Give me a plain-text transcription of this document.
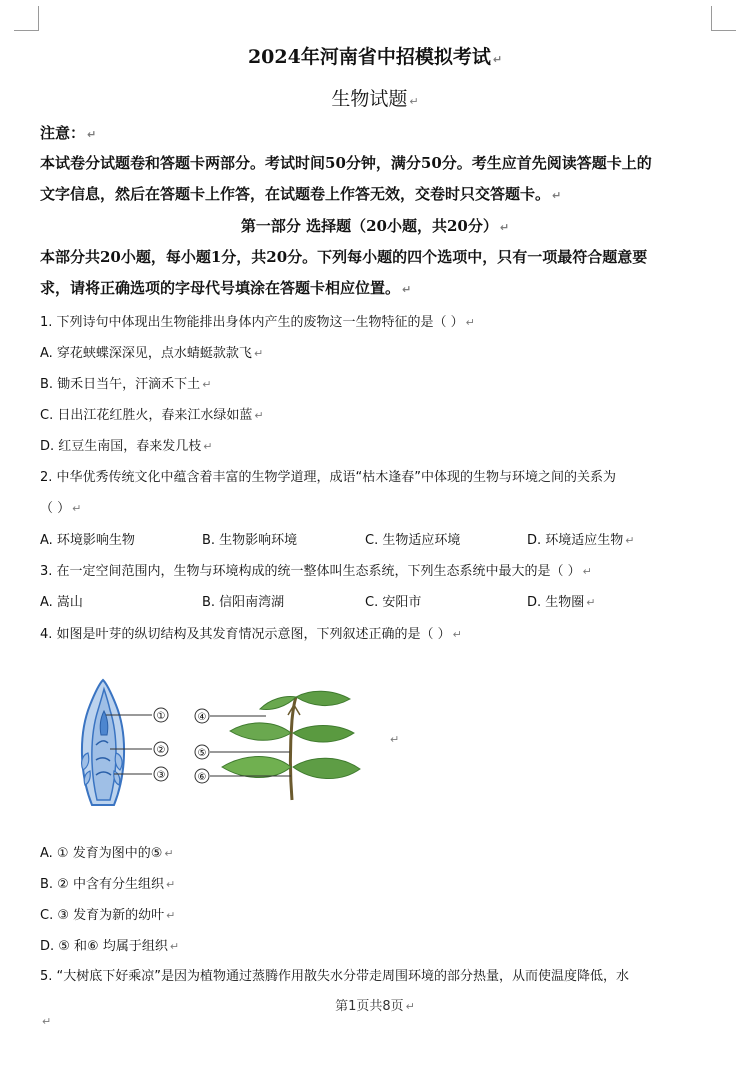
2024年河南省中招模拟考试 ↵
生物试题 ↵
注意： ↵
本试卷分试题卷和答题卡两部分。考试时间50分钟，满分50分。考生应首先阅读答题卡上的
文字信息，然后在答题卡上作答，在试题卷上作答无效，交卷时只交答题卡。 ↵
第一部分 选择题（20小题，共20分） ↵
本部分共20小题，每小题1分，共20分。下列每小题的四个选项中，只有一项最符合题意要
求，请将正确选项的字母代号填涂在答题卡相应位置。 ↵
1. 下列诗句中体现出生物能排出身体内产生的废物这一生物特征的是（ ） ↵
A. 穿花蛱蝶深深见，点水蜻蜓款款飞 ↵
B. 锄禾日当午，汗滴禾下土 ↵
C. 日出江花红胜火，春来江水绿如蓝 ↵
D. 红豆生南国，春来发几枝 ↵
2. 中华优秀传统文化中蕴含着丰富的生物学道理，成语“枯木逢春”中体现的生物与环境之间的关系为
（ ） ↵
A. 环境影响生物	B. 生物影响环境	C. 生物适应环境	D. 环境适应生物 ↵
3. 在一定空间范围内，生物与环境构成的统一整体叫生态系统，下列生态系统中最大的是（ ） ↵
A. 嵩山	B. 信阳南湾湖	C. 安阳市	D. 生物圈 ↵
4. 如图是叶芽的纵切结构及其发育情况示意图，下列叙述正确的是（ ） ↵
①
②
③
④
⑤
⑥
↵
A. ① 发育为图中的⑤ ↵
B. ② 中含有分生组织 ↵
C. ③ 发育为新的幼叶 ↵
D. ⑤ 和⑥ 均属于组织 ↵
5. “大树底下好乘凉”是因为植物通过蒸腾作用散失水分带走周围环境的部分热量，从而使温度降低，水
第1页共8页 ↵
↵
